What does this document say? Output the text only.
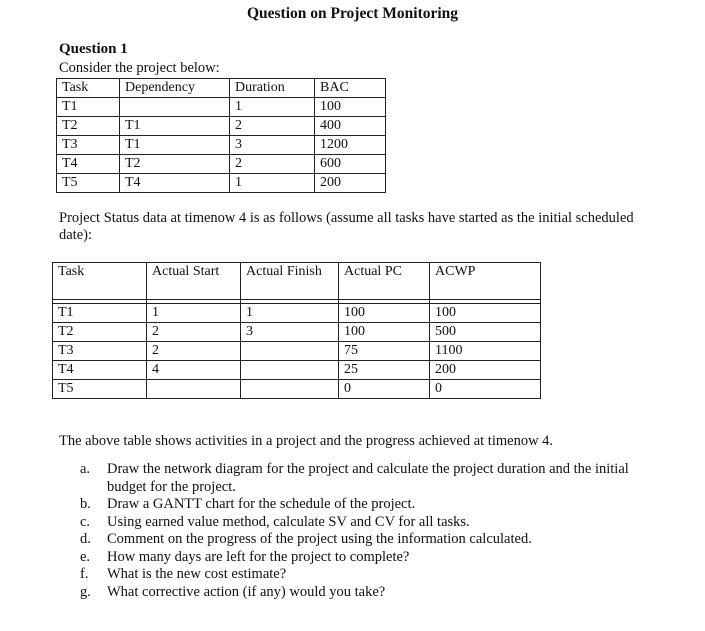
Question on Project Monitoring
Question 1
Consider the project below:
Task	Dependency	Duration	BAC
T1		1	100
T2	T1	2	400
T3	T1	3	1200
T4	T2	2	600
T5	T4	1	200
Project Status data at timenow 4 is as follows (assume all tasks have started as the initial scheduled date):
Task	Actual Start	Actual Finish	Actual PC	ACWP

T1	1	1	100	100
T2	2	3	100	500
T3	2		75	1100
T4	4		25	200
T5			0	0
The above table shows activities in a project and the progress achieved at timenow 4.
a. Draw the network diagram for the project and calculate the project duration and the initial budget for the project.
b. Draw a GANTT chart for the schedule of the project.
c. Using earned value method, calculate SV and CV for all tasks.
d. Comment on the progress of the project using the information calculated.
e. How many days are left for the project to complete?
f. What is the new cost estimate?
g. What corrective action (if any) would you take?
